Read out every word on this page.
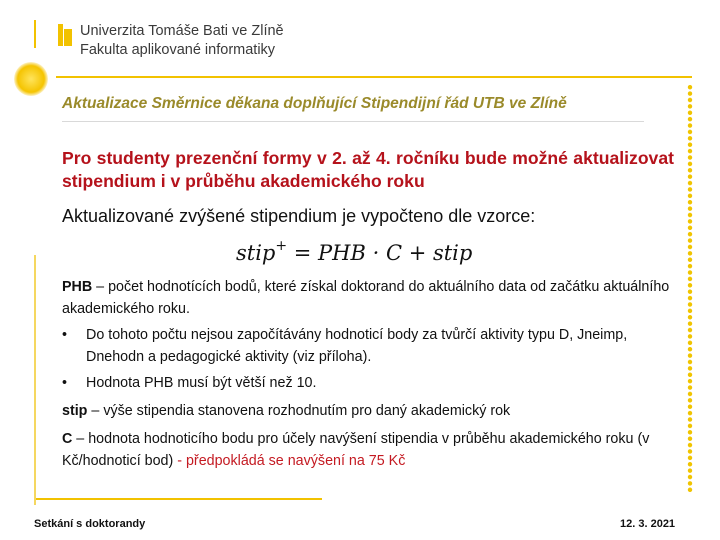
Univerzita Tomáše Bati ve Zlíně
Fakulta aplikované informatiky
Aktualizace Směrnice děkana doplňující Stipendijní řád UTB ve Zlíně
Pro studenty prezenční formy v 2. až 4. ročníku bude možné aktualizovat stipendium i v průběhu akademického roku
Aktualizované zvýšené stipendium je vypočteno dle vzorce:
stip+ = PHB · C + stip
PHB – počet hodnotících bodů, které získal doktorand do aktuálního data od začátku aktuálního akademického roku.
•	Do tohoto počtu nejsou započítávány hodnoticí body za tvůrčí aktivity typu D, Jneimp, Dnehodn a pedagogické aktivity (viz příloha).
•	Hodnota PHB musí být větší než 10.
stip – výše stipendia stanovena rozhodnutím pro daný akademický rok
C – hodnota hodnoticího bodu pro účely navýšení stipendia v průběhu akademického roku (v Kč/hodnoticí bod) - předpokládá se navýšení na 75 Kč
Setkání s doktorandy	12. 3. 2021
